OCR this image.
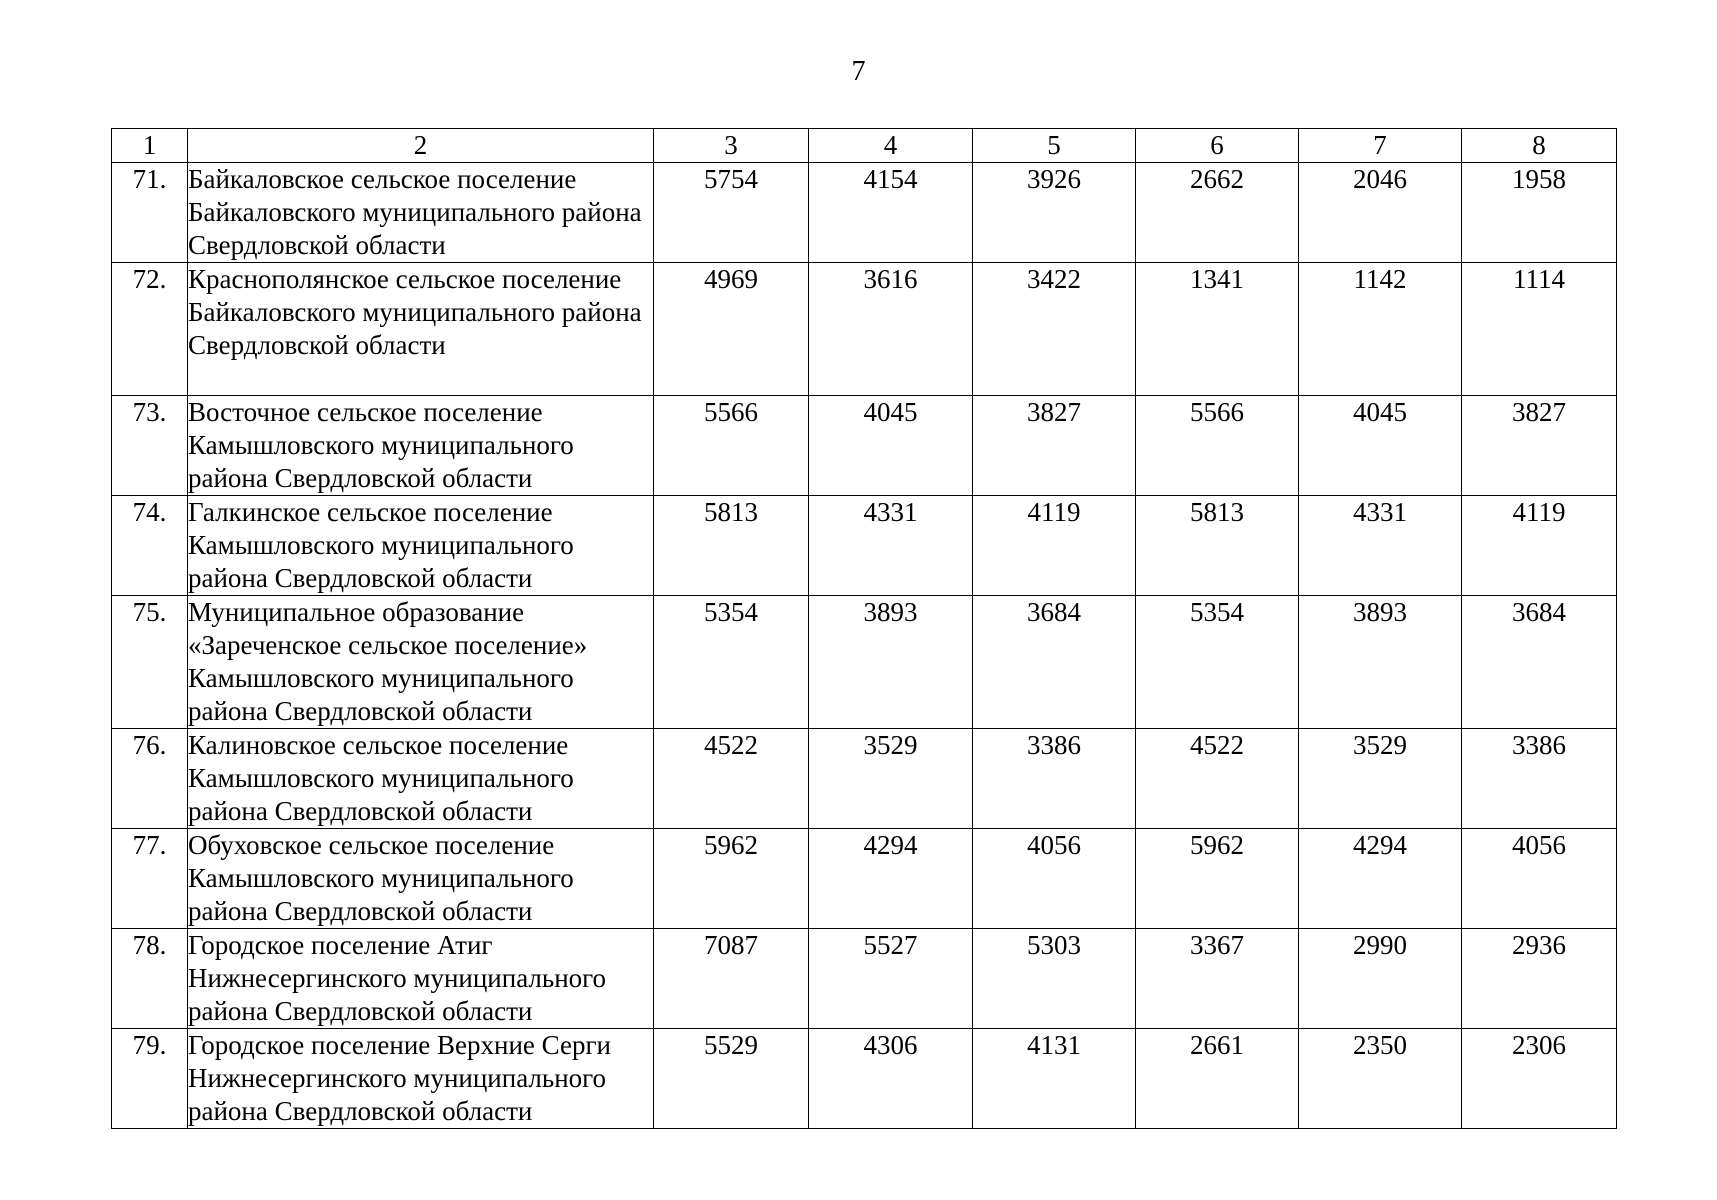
7
1	2	3	4	5	6	7	8
71.	Байкаловское сельское поселение Байкаловского муниципального района Свердловской области	5754	4154	3926	2662	2046	1958
72.	Краснополянское сельское поселение Байкаловского муниципального района Свердловской области	4969	3616	3422	1341	1142	1114
73.	Восточное сельское поселение Камышловского муниципального района Свердловской области	5566	4045	3827	5566	4045	3827
74.	Галкинское сельское поселение Камышловского муниципального района Свердловской области	5813	4331	4119	5813	4331	4119
75.	Муниципальное образование «Зареченское сельское поселение» Камышловского муниципального района Свердловской области	5354	3893	3684	5354	3893	3684
76.	Калиновское сельское поселение Камышловского муниципального района Свердловской области	4522	3529	3386	4522	3529	3386
77.	Обуховское сельское поселение Камышловского муниципального района Свердловской области	5962	4294	4056	5962	4294	4056
78.	Городское поселение Атиг Нижнесергинского муниципального района Свердловской области	7087	5527	5303	3367	2990	2936
79.	Городское поселение Верхние Серги Нижнесергинского муниципального района Свердловской области	5529	4306	4131	2661	2350	2306
